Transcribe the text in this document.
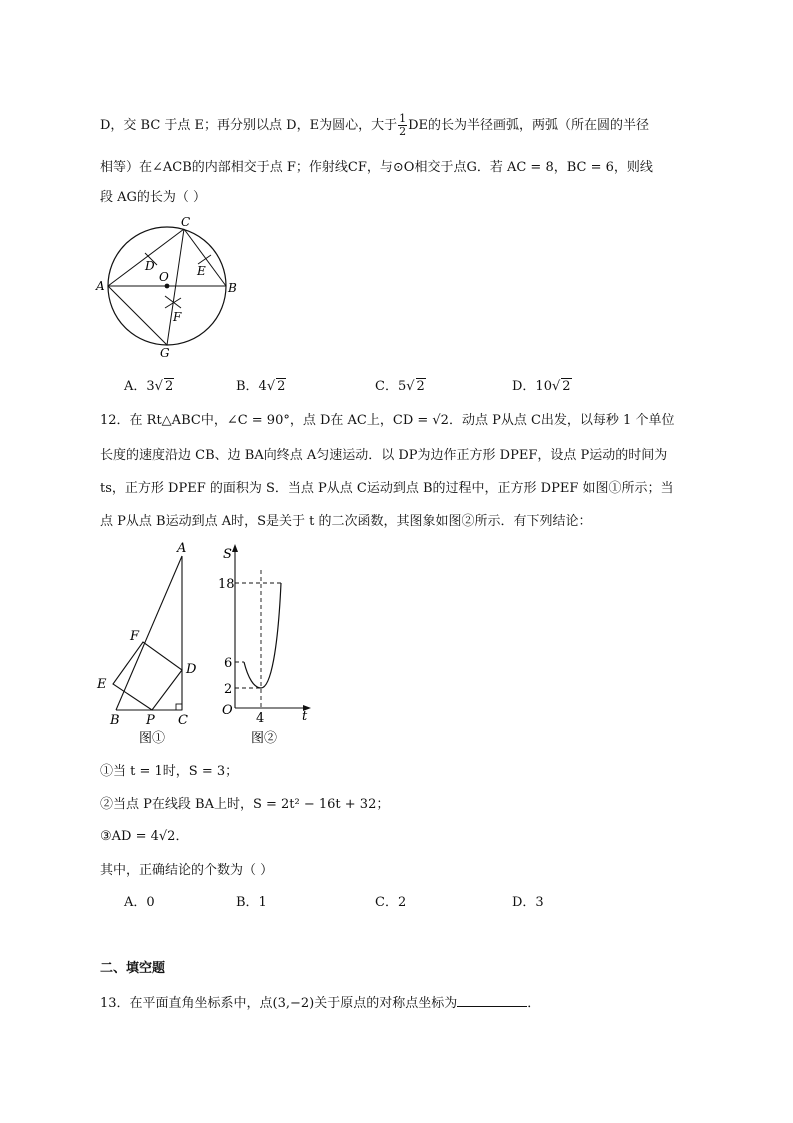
D，交 BC 于点 E；再分别以点 D，E为圆心，大于 $\frac{1}{2}$ DE的长为半径画弧，两弧（所在圆的半径
相等）在∠ACB的内部相交于点 F；作射线CF，与⊙O相交于点G．若 AC = 8，BC = 6，则线
段 AG的长为（ ）
C
A	B
D	E
O
F
G
A．3√ 2	B．4√ 2	C．5√ 2	D．10√ 2
12．在 Rt△ABC中，∠C = 90°，点 D在 AC上，CD = √2．动点 P从点 C出发，以每秒 1 个单位
长度的速度沿边 CB、边 BA向终点 A匀速运动．以 DP为边作正方形 DPEF，设点 P运动的时间为
ts，正方形 DPEF 的面积为 S．当点 P从点 C运动到点 B的过程中，正方形 DPEF 如图①所示；当
点 P从点 B运动到点 A时，S是关于 t 的二次函数，其图象如图②所示．有下列结论：
A
F
D
E
B P C
图①
S
18
6
2
O
4	t
图②
①当 t = 1时，S = 3；
②当点 P在线段 BA上时，S = 2t² − 16t + 32；
③AD = 4√2．
其中，正确结论的个数为（ ）
A．0	B．1	C．2	D．3
二、填空题
13．在平面直角坐标系中，点(3,−2)关于原点的对称点坐标为	．
